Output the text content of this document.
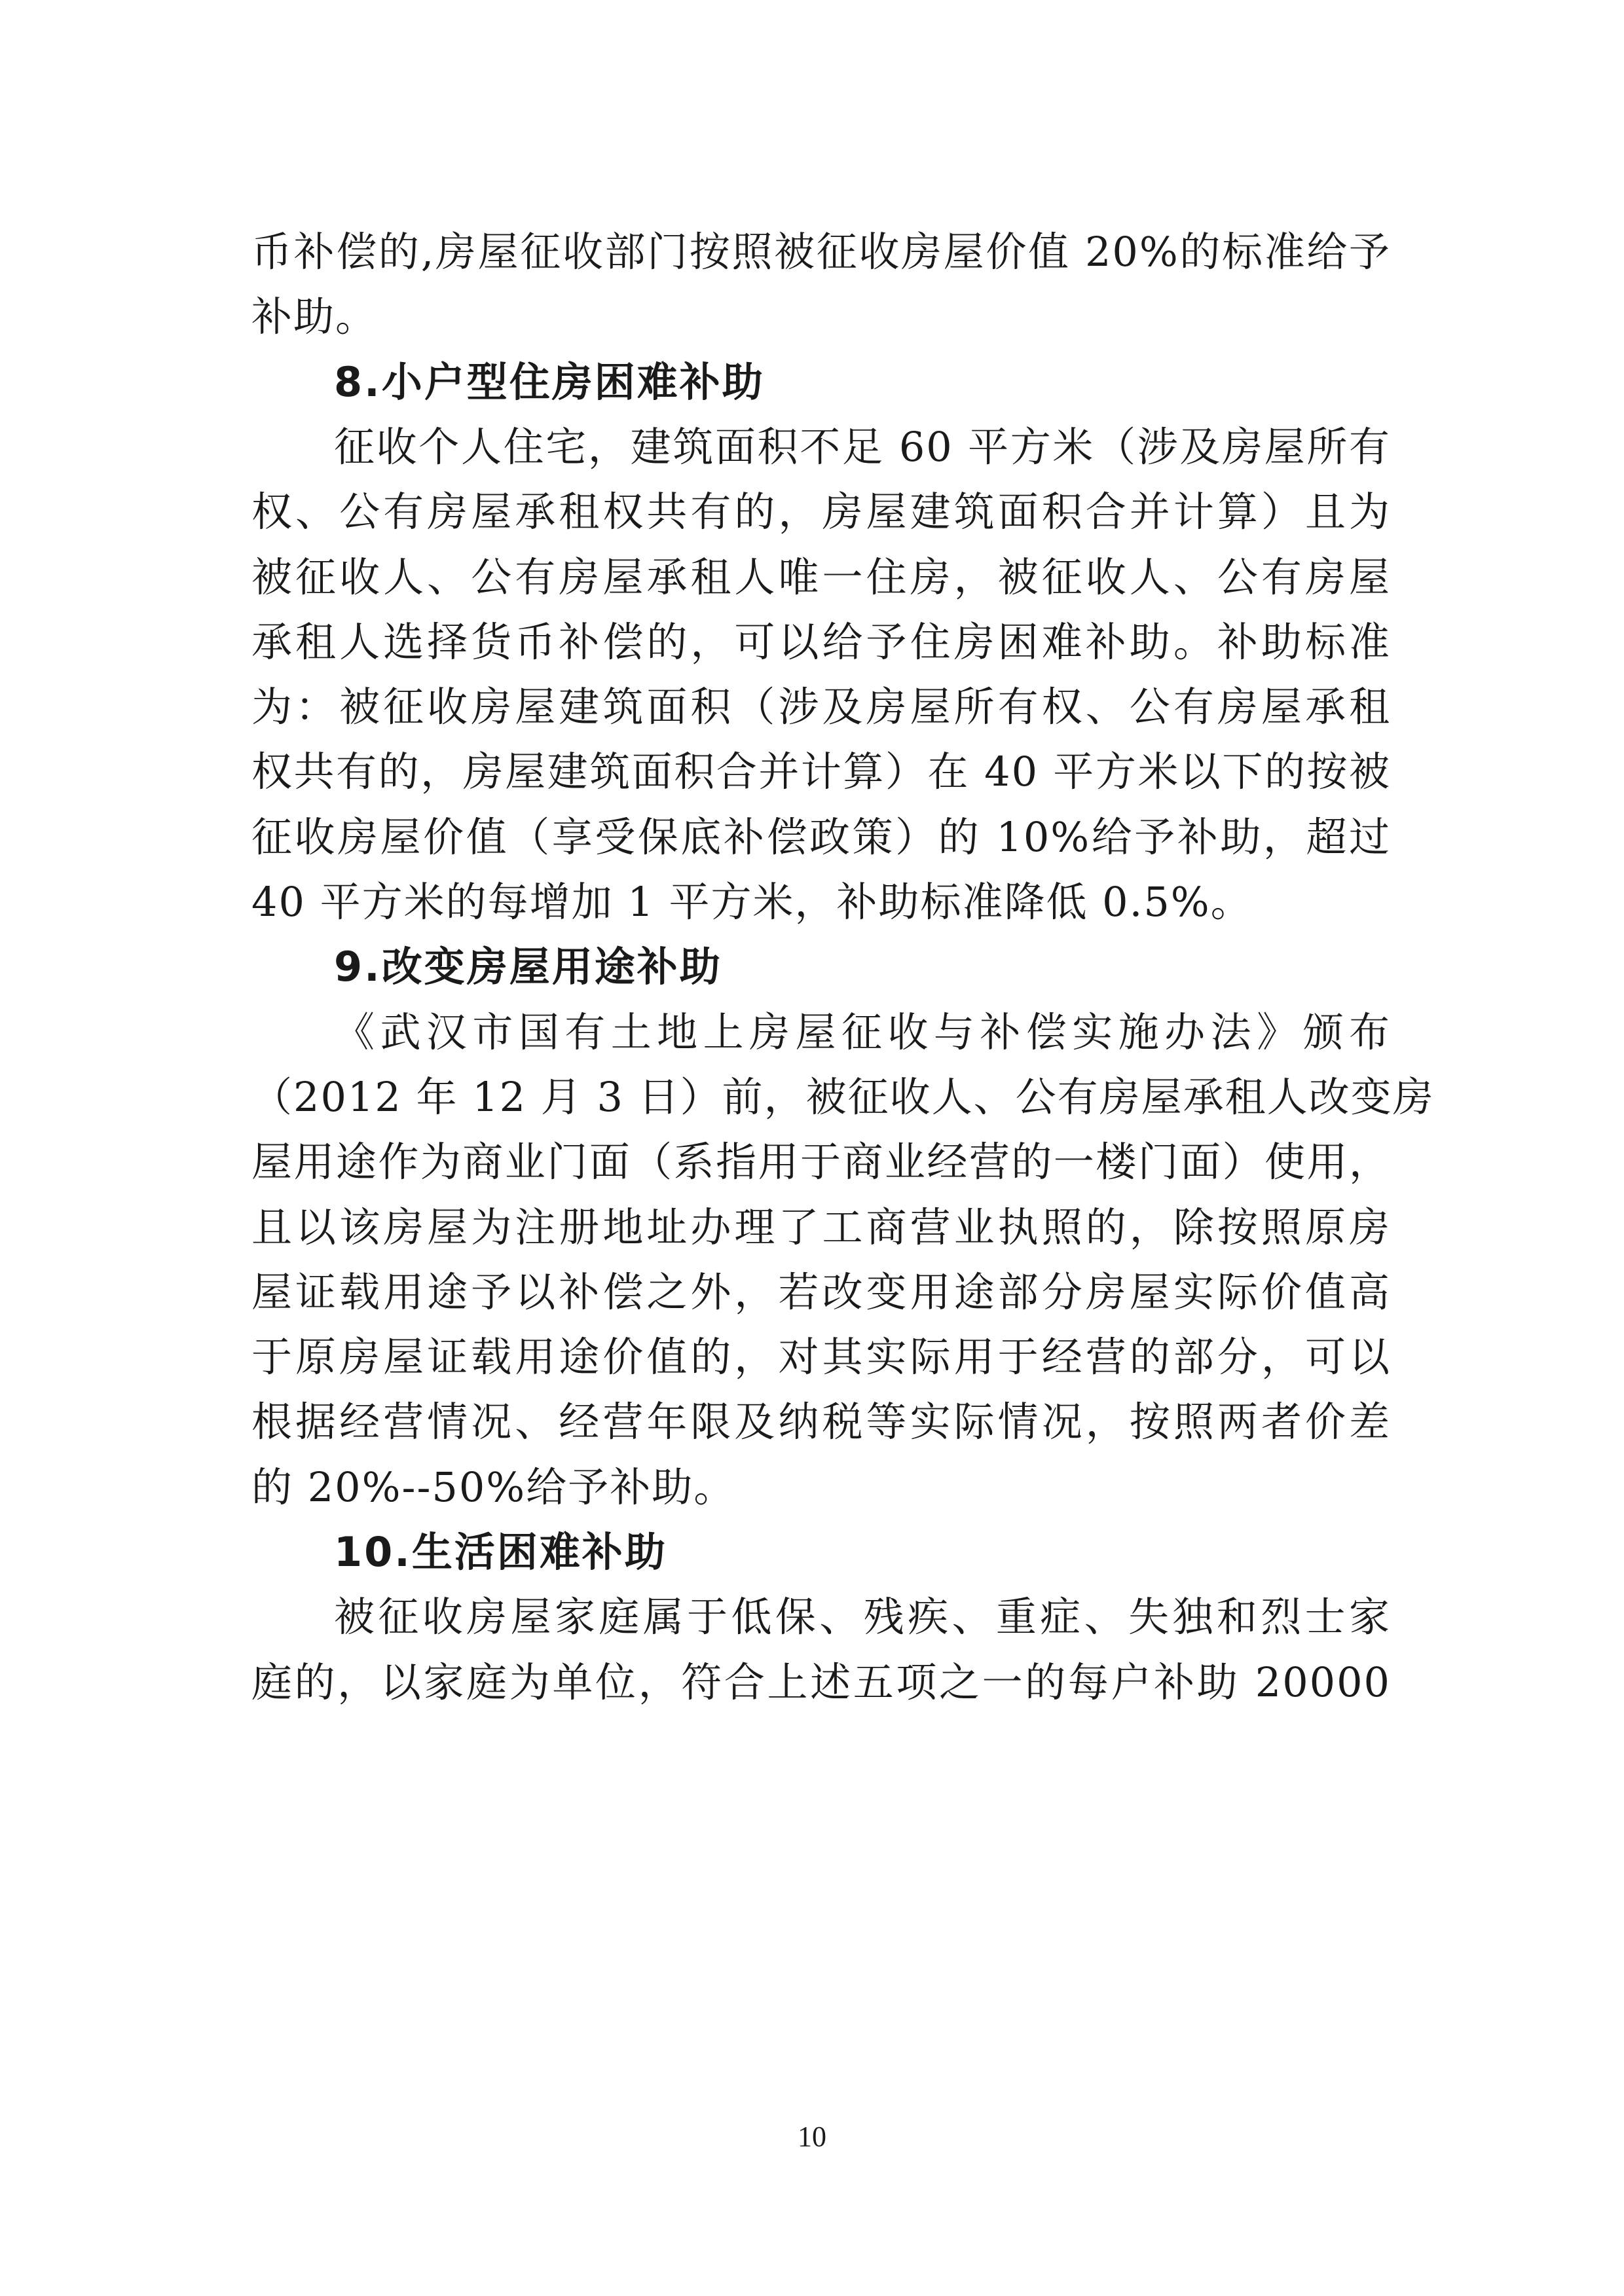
币补偿的,房屋征收部门按照被征收房屋价值 20%的标准给予
补助。
8.小户型住房困难补助
征收个人住宅，建筑面积不足 60 平方米（涉及房屋所有
权、公有房屋承租权共有的，房屋建筑面积合并计算）且为
被征收人、公有房屋承租人唯一住房，被征收人、公有房屋
承租人选择货币补偿的，可以给予住房困难补助。补助标准
为：被征收房屋建筑面积（涉及房屋所有权、公有房屋承租
权共有的，房屋建筑面积合并计算）在 40 平方米以下的按被
征收房屋价值（享受保底补偿政策）的 10%给予补助，超过
40 平方米的每增加 1 平方米，补助标准降低 0.5%。
9.改变房屋用途补助
《武汉市国有土地上房屋征收与补偿实施办法》颁布
（2012 年 12 月 3 日）前，被征收人、公有房屋承租人改变房
屋用途作为商业门面（系指用于商业经营的一楼门面）使用，
且以该房屋为注册地址办理了工商营业执照的，除按照原房
屋证载用途予以补偿之外，若改变用途部分房屋实际价值高
于原房屋证载用途价值的，对其实际用于经营的部分，可以
根据经营情况、经营年限及纳税等实际情况，按照两者价差
的 20%--50%给予补助。
10.生活困难补助
被征收房屋家庭属于低保、残疾、重症、失独和烈士家
庭的，以家庭为单位，符合上述五项之一的每户补助 20000
10
